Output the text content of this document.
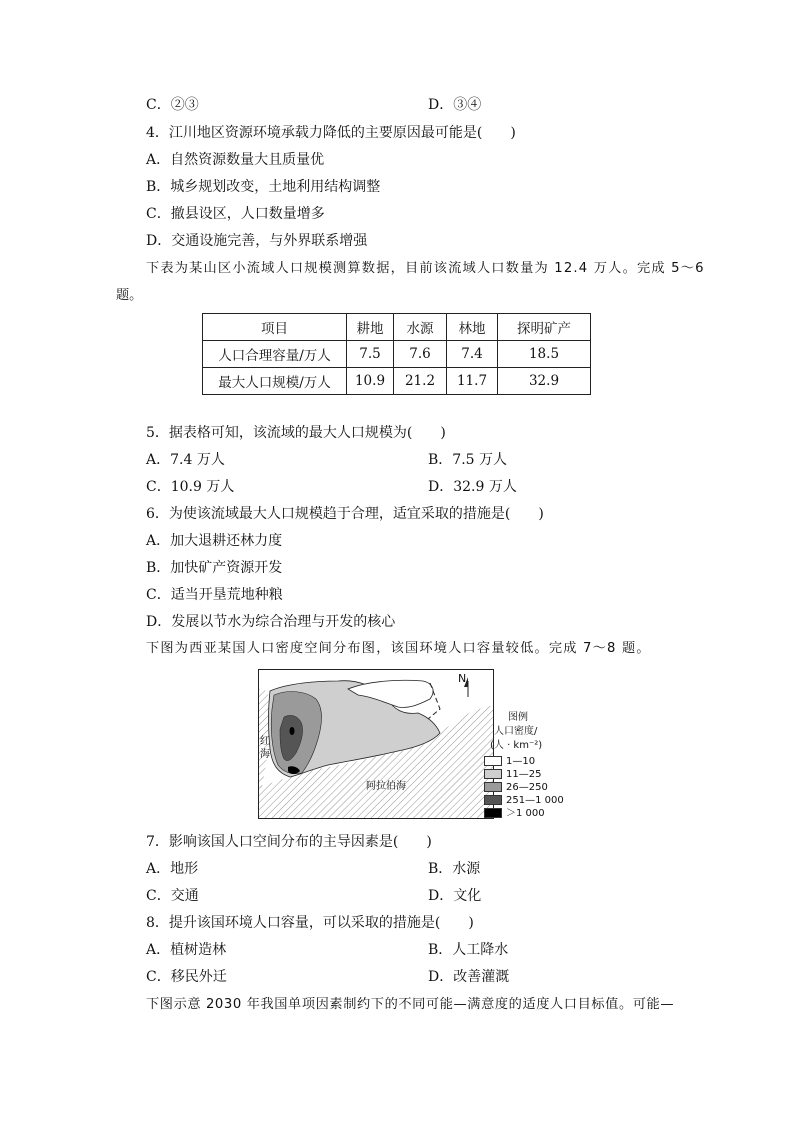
C．②③	D．③④
4．江川地区资源环境承载力降低的主要原因最可能是(　　)
A．自然资源数量大且质量优
B．城乡规划改变，土地利用结构调整
C．撤县设区，人口数量增多
D．交通设施完善，与外界联系增强
下表为某山区小流域人口规模测算数据，目前该流域人口数量为 12.4 万人。完成 5～6
题。
项目	耕地	水源	林地	探明矿产
人口合理容量/万人	7.5	7.6	7.4	18.5
最大人口规模/万人	10.9	21.2	11.7	32.9
5．据表格可知，该流域的最大人口规模为(　　)
A．7.4 万人	B．7.5 万人
C．10.9 万人	D．32.9 万人
6．为使该流域最大人口规模趋于合理，适宜采取的措施是(　　)
A．加大退耕还林力度
B．加快矿产资源开发
C．适当开垦荒地种粮
D．发展以节水为综合治理与开发的核心
下图为西亚某国人口密度空间分布图，该国环境人口容量较低。完成 7～8 题。
N
红
海
阿拉伯海
图例
人口密度/
(人 · km⁻²)
1—10
11—25
26—250
251—1 000
＞1 000
7．影响该国人口空间分布的主导因素是(　　)
A．地形	B．水源
C．交通	D．文化
8．提升该国环境人口容量，可以采取的措施是(　　)
A．植树造林	B．人工降水
C．移民外迁	D．改善灌溉
下图示意 2030 年我国单项因素制约下的不同可能—满意度的适度人口目标值。可能—
